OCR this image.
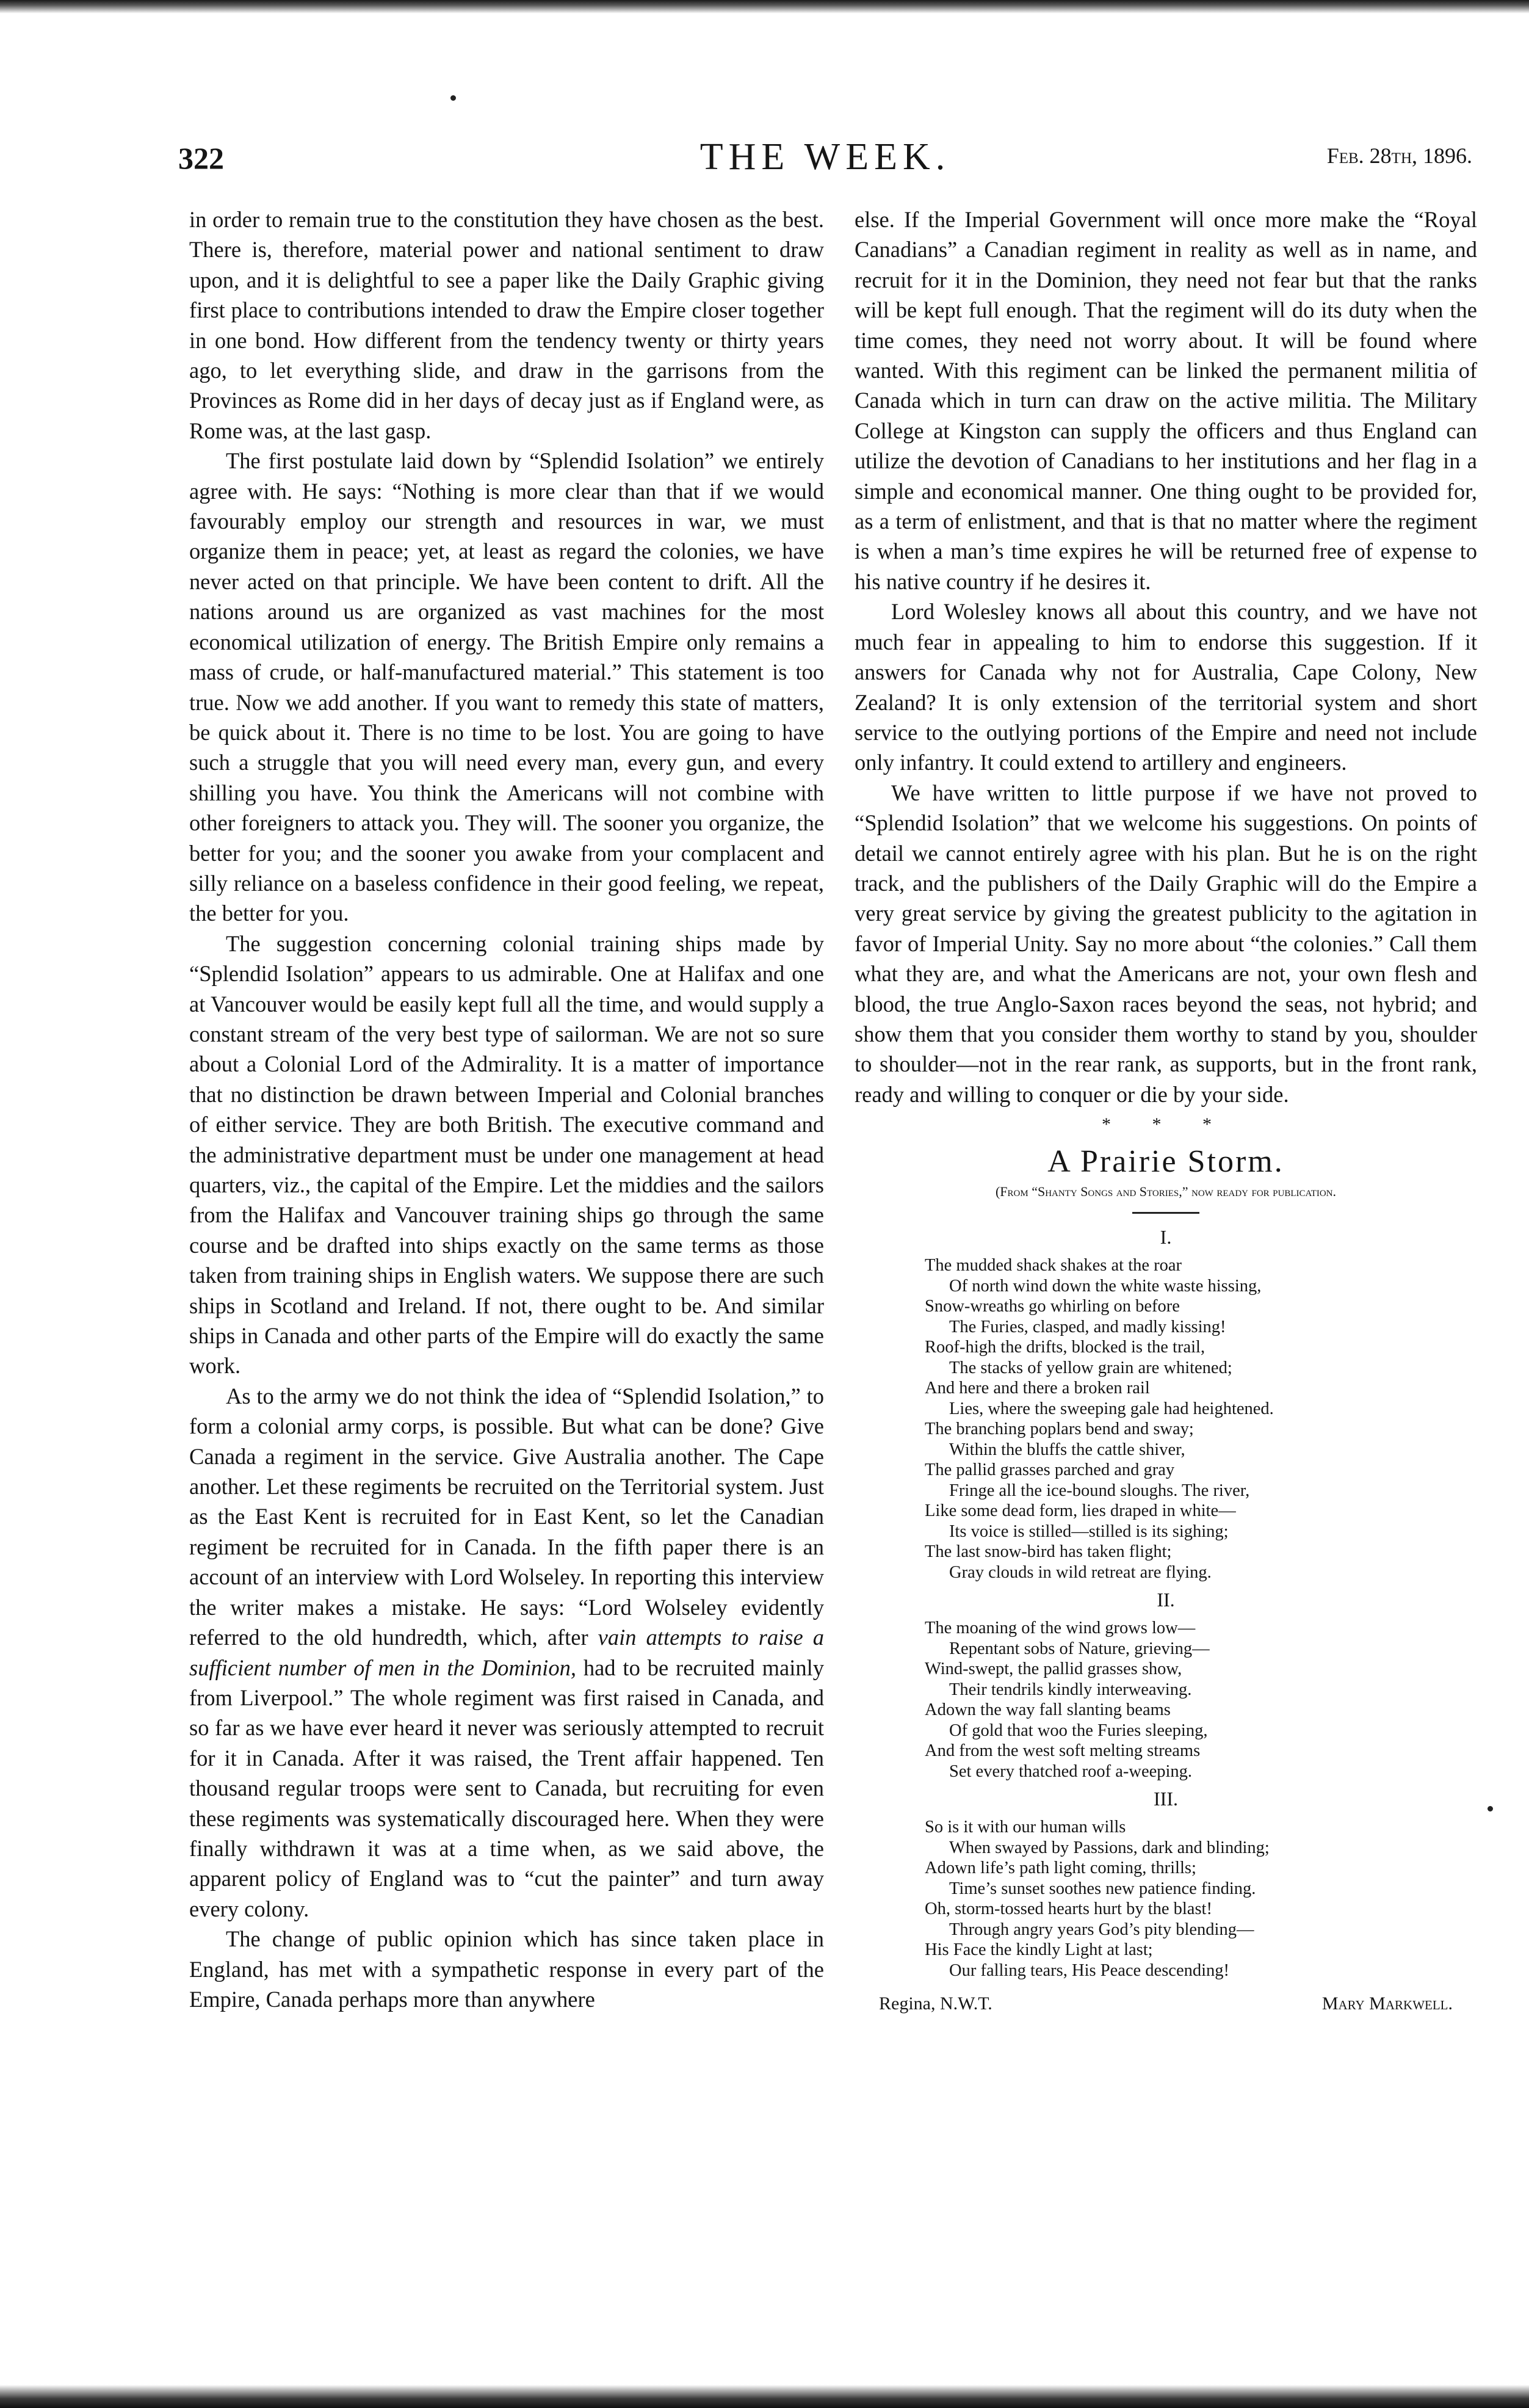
322	THE WEEK.	Feb. 28th, 1896.

in order to remain true to the constitution they have chosen as the best. There is, therefore, material power and national sentiment to draw upon, and it is delightful to see a paper like the Daily Graphic giving first place to contributions intended to draw the Empire closer together in one bond. How different from the tendency twenty or thirty years ago, to let everything slide, and draw in the garrisons from the Provinces as Rome did in her days of decay just as if England were, as Rome was, at the last gasp.

The first postulate laid down by “Splendid Isolation” we entirely agree with. He says: “Nothing is more clear than that if we would favourably employ our strength and resources in war, we must organize them in peace; yet, at least as regard the colonies, we have never acted on that principle. We have been content to drift. All the nations around us are organized as vast machines for the most economical utilization of energy. The British Empire only remains a mass of crude, or half-manufactured material.” This statement is too true. Now we add another. If you want to remedy this state of matters, be quick about it. There is no time to be lost. You are going to have such a struggle that you will need every man, every gun, and every shilling you have. You think the Americans will not combine with other foreigners to attack you. They will. The sooner you organize, the better for you; and the sooner you awake from your complacent and silly reliance on a baseless confidence in their good feeling, we repeat, the better for you.

The suggestion concerning colonial training ships made by “Splendid Isolation” appears to us admirable. One at Halifax and one at Vancouver would be easily kept full all the time, and would supply a constant stream of the very best type of sailorman. We are not so sure about a Colonial Lord of the Admirality. It is a matter of importance that no distinction be drawn between Imperial and Colonial branches of either service. They are both British. The executive command and the administrative department must be under one management at head quarters, viz., the capital of the Empire. Let the middies and the sailors from the Halifax and Vancouver training ships go through the same course and be drafted into ships exactly on the same terms as those taken from training ships in English waters. We suppose there are such ships in Scotland and Ireland. If not, there ought to be. And similar ships in Canada and other parts of the Empire will do exactly the same work.

As to the army we do not think the idea of “Splendid Isolation,” to form a colonial army corps, is possible. But what can be done? Give Canada a regiment in the service. Give Australia another. The Cape another. Let these regiments be recruited on the Territorial system. Just as the East Kent is recruited for in East Kent, so let the Canadian regiment be recruited for in Canada. In the fifth paper there is an account of an interview with Lord Wolseley. In reporting this interview the writer makes a mistake. He says: “Lord Wolseley evidently referred to the old hundredth, which, after vain attempts to raise a sufficient number of men in the Dominion, had to be recruited mainly from Liverpool.” The whole regiment was first raised in Canada, and so far as we have ever heard it never was seriously attempted to recruit for it in Canada. After it was raised, the Trent affair happened. Ten thousand regular troops were sent to Canada, but recruiting for even these regiments was systematically discouraged here. When they were finally withdrawn it was at a time when, as we said above, the apparent policy of England was to “cut the painter” and turn away every colony.

The change of public opinion which has since taken place in England, has met with a sympathetic response in every part of the Empire, Canada perhaps more than anywhere

else. If the Imperial Government will once more make the “Royal Canadians” a Canadian regiment in reality as well as in name, and recruit for it in the Dominion, they need not fear but that the ranks will be kept full enough. That the regiment will do its duty when the time comes, they need not worry about. It will be found where wanted. With this regiment can be linked the permanent militia of Canada which in turn can draw on the active militia. The Military College at Kingston can supply the officers and thus England can utilize the devotion of Canadians to her institutions and her flag in a simple and economical manner. One thing ought to be provided for, as a term of enlistment, and that is that no matter where the regiment is when a man’s time expires he will be returned free of expense to his native country if he desires it.

Lord Wolesley knows all about this country, and we have not much fear in appealing to him to endorse this suggestion. If it answers for Canada why not for Australia, Cape Colony, New Zealand? It is only extension of the territorial system and short service to the outlying portions of the Empire and need not include only infantry. It could extend to artillery and engineers.

We have written to little purpose if we have not proved to “Splendid Isolation” that we welcome his suggestions. On points of detail we cannot entirely agree with his plan. But he is on the right track, and the publishers of the Daily Graphic will do the Empire a very great service by giving the greatest publicity to the agitation in favor of Imperial Unity. Say no more about “the colonies.” Call them what they are, and what the Americans are not, your own flesh and blood, the true Anglo-Saxon races beyond the seas, not hybrid; and show them that you consider them worthy to stand by you, shoulder to shoulder—not in the rear rank, as supports, but in the front rank, ready and willing to conquer or die by your side.

* * *
A Prairie Storm.
(From “Shanty Songs and Stories,” now ready for publication.
I.
The mudded shack shakes at the roar
Of north wind down the white waste hissing,
Snow-wreaths go whirling on before
The Furies, clasped, and madly kissing!
Roof-high the drifts, blocked is the trail,
The stacks of yellow grain are whitened;
And here and there a broken rail
Lies, where the sweeping gale had heightened.
The branching poplars bend and sway;
Within the bluffs the cattle shiver,
The pallid grasses parched and gray
Fringe all the ice-bound sloughs. The river,
Like some dead form, lies draped in white—
Its voice is stilled—stilled is its sighing;
The last snow-bird has taken flight;
Gray clouds in wild retreat are flying.
II.
The moaning of the wind grows low—
Repentant sobs of Nature, grieving—
Wind-swept, the pallid grasses show,
Their tendrils kindly interweaving.
Adown the way fall slanting beams
Of gold that woo the Furies sleeping,
And from the west soft melting streams
Set every thatched roof a-weeping.
III.
So is it with our human wills
When swayed by Passions, dark and blinding;
Adown life’s path light coming, thrills;
Time’s sunset soothes new patience finding.
Oh, storm-tossed hearts hurt by the blast!
Through angry years God’s pity blending—
His Face the kindly Light at last;
Our falling tears, His Peace descending!
Regina, N.W.T.	Mary Markwell.
